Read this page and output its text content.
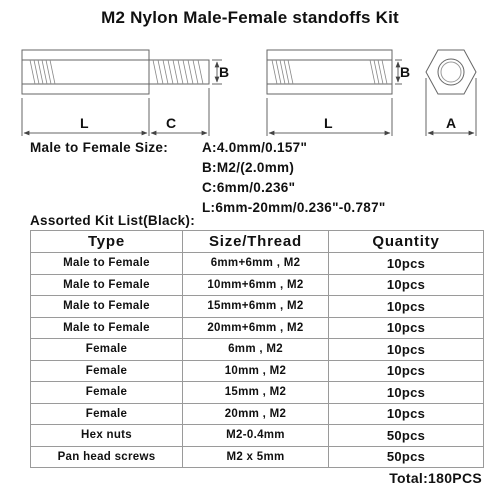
M2 Nylon Male-Female standoffs Kit
L	C
B
L
B
A
Male to Female Size:	A:4.0mm/0.157"
B:M2/(2.0mm)
C:6mm/0.236"
L:6mm-20mm/0.236"-0.787"
Assorted Kit List(Black):
Type	Size/Thread	Quantity
Male to Female	6mm+6mm , M2	10pcs
Male to Female	10mm+6mm , M2	10pcs
Male to Female	15mm+6mm , M2	10pcs
Male to Female	20mm+6mm , M2	10pcs
Female	6mm , M2	10pcs
Female	10mm , M2	10pcs
Female	15mm , M2	10pcs
Female	20mm , M2	10pcs
Hex nuts	M2-0.4mm	50pcs
Pan head screws	M2 x 5mm	50pcs
Total:180PCS
